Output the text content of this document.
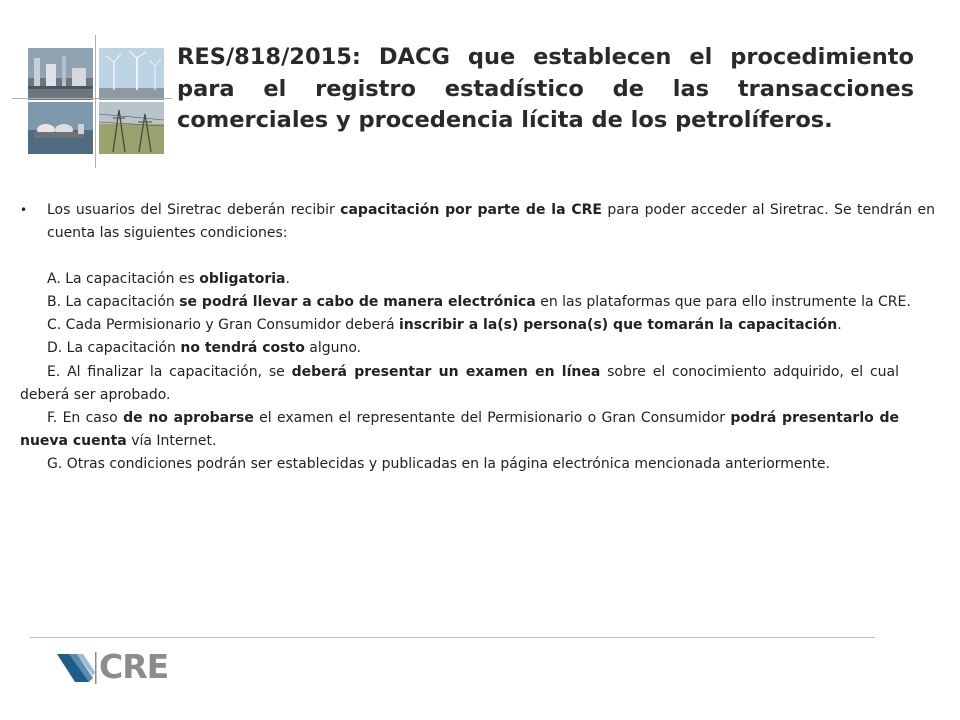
RES/818/2015: DACG que establecen el procedimiento para el registro estadístico de las transacciones comerciales y procedencia lícita de los petrolíferos.
• Los usuarios del Siretrac deberán recibir capacitación por parte de la CRE para poder acceder al Siretrac. Se tendrán en cuenta las siguientes condiciones:

A. La capacitación es obligatoria.

B. La capacitación se podrá llevar a cabo de manera electrónica en las plataformas que para ello instrumente la CRE.

C. Cada Permisionario y Gran Consumidor deberá inscribir a la(s) persona(s) que tomarán la capacitación.

D. La capacitación no tendrá costo alguno.

E. Al finalizar la capacitación, se deberá presentar un examen en línea sobre el conocimiento adquirido, el cualdeberá ser aprobado.

F. En caso de no aprobarse el examen el representante del Permisionario o Gran Consumidor podrá presentarlo denueva cuenta vía Internet.

G. Otras condiciones podrán ser establecidas y publicadas en la página electrónica mencionada anteriormente.

CRE
